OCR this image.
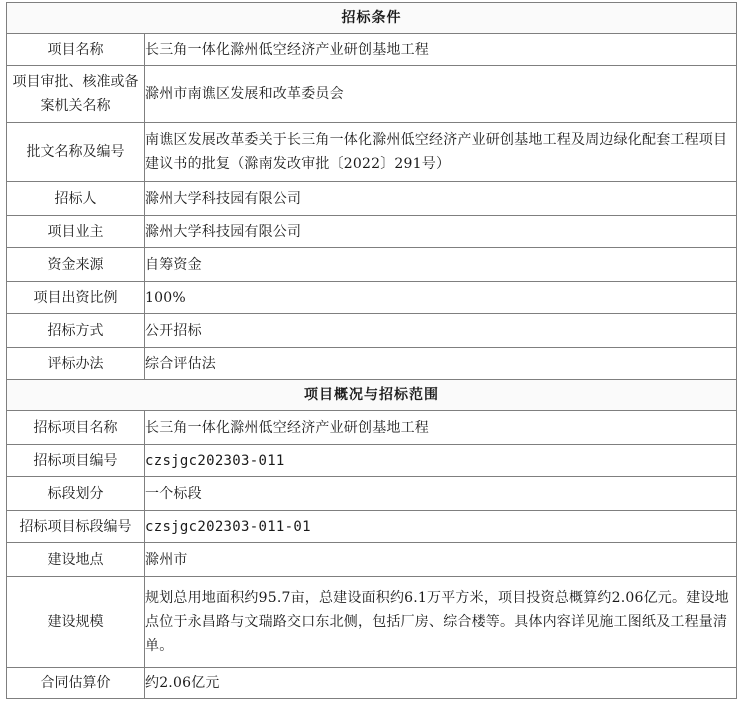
招标条件	
项目名称	长三角一体化滁州低空经济产业研创基地工程
项目审批、核准或备案机关名称	滁州市南谯区发展和改革委员会
批文名称及编号	南谯区发展改革委关于长三角一体化滁州低空经济产业研创基地工程及周边绿化配套工程项目建议书的批复（滁南发改审批〔2022〕291号）
招标人	滁州大学科技园有限公司
项目业主	滁州大学科技园有限公司
资金来源	自筹资金
项目出资比例	100%
招标方式	公开招标
评标办法	综合评估法
项目概况与招标范围	
招标项目名称	长三角一体化滁州低空经济产业研创基地工程
招标项目编号	czsjgc202303-011
标段划分	一个标段
招标项目标段编号	czsjgc202303-011-01
建设地点	滁州市
建设规模	规划总用地面积约95.7亩，总建设面积约6.1万平方米，项目投资总概算约2.06亿元。建设地点位于永昌路与文瑞路交口东北侧，包括厂房、综合楼等。具体内容详见施工图纸及工程量清单。
合同估算价	约2.06亿元
